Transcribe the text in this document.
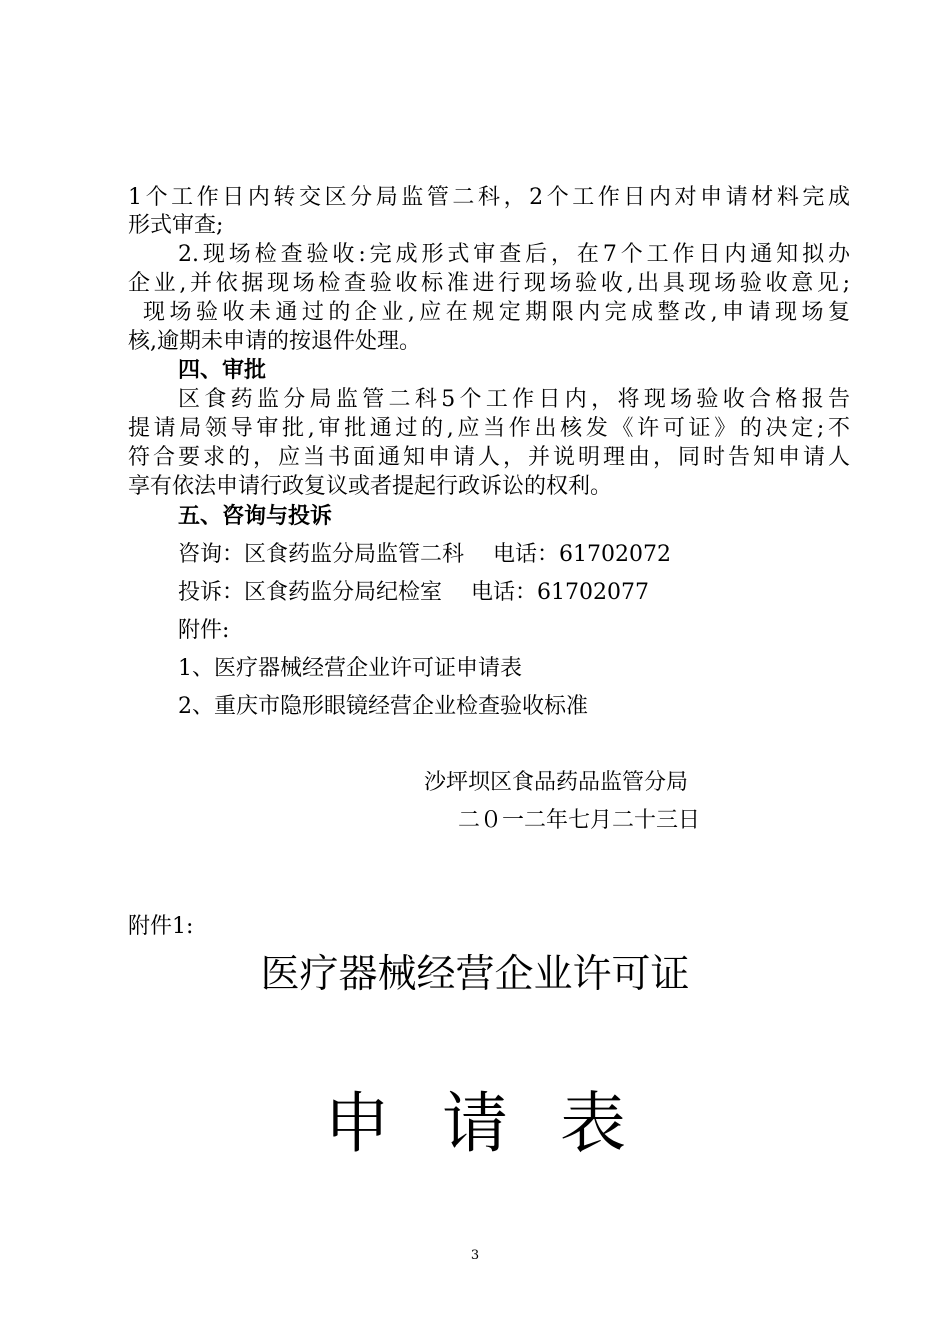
1个工作日内转交区分局监管二科，2个工作日内对申请材料完成
形式审查;
2.现场检查验收:完成形式审查后，在7个工作日内通知拟办
企业,并依据现场检查验收标准进行现场验收,出具现场验收意见;
现场验收未通过的企业,应在规定期限内完成整改,申请现场复
核,逾期未申请的按退件处理。
四、审批
区食药监分局监管二科5个工作日内，将现场验收合格报告
提请局领导审批,审批通过的,应当作出核发《许可证》的决定;不
符合要求的，应当书面通知申请人，并说明理由，同时告知申请人
享有依法申请行政复议或者提起行政诉讼的权利。
五、咨询与投诉
咨询：区食药监分局监管二科　 电话：61702072
投诉：区食药监分局纪检室　 电话：61702077
附件:
1、医疗器械经营企业许可证申请表
2、重庆市隐形眼镜经营企业检查验收标准
沙坪坝区食品药品监管分局
二０一二年七月二十三日
附件1:
医疗器械经营企业许可证
申请表
3
